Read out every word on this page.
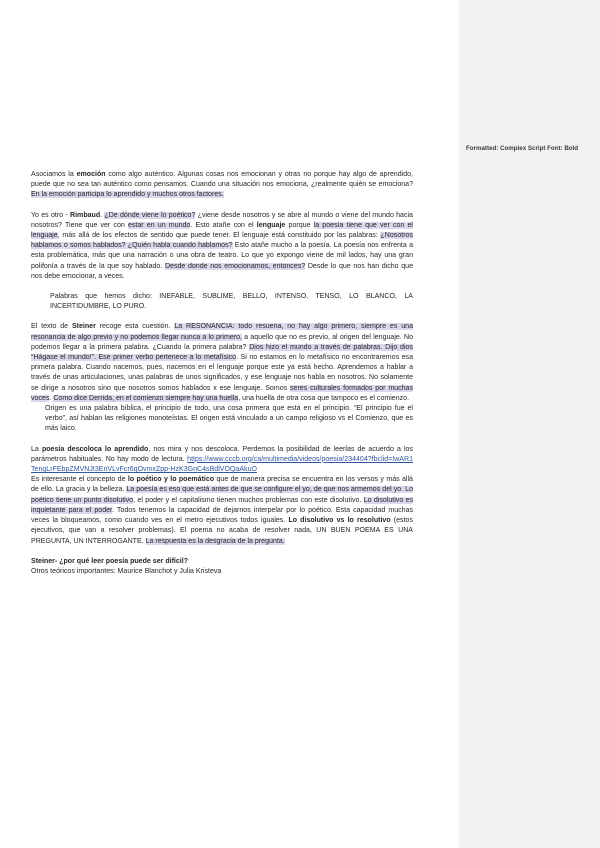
Formatted: Complex Script Font: Bold

Asociamos la emoción como algo auténtico. Algunas cosas nos emocionan y otras no porque hay algo de aprendido, puede que no sea tan auténtico como pensamos. Cuando una situación nos emociona, ¿realmente quién se emociona? En la emoción participa lo aprendido y muchos otros factores.

Yo es otro - Rimbaud. ¿De dónde viene lo poético? ¿viene desde nosotros y se abre al mundo o viene del mundo hacia nosotros? Tiene que ver con estar en un mundo. Esto atañe con el lenguaje porque la poesía tiene que ver con el lenguaje, más allá de los efectos de sentido que puede tener. El lenguaje está constituido por las palabras: ¿Nosotros hablamos o somos hablados? ¿Quién habla cuando hablamos? Esto atañe mucho a la poesía. La poesía nos enfrenta a esta problemática, más que una narración o una obra de teatro. Lo que yo expongo viene de mil lados, hay una gran polifonía a través de la que soy hablado. Desde donde nos emocionamos, entonces? Desde lo que nos han dicho que nos debe emocionar, a veces.

Palabras que hemos dicho: INEFABLE, SUBLIME, BELLO, INTENSO, TENSO, LO BLANCO, LA INCERTIDUMBRE, LO PURO.

El texto de Steiner recoge esta cuestión. La RESONANCIA: todo resuena, no hay algo primero, siempre es una resonancia de algo previo y no podemos llegar nunca a lo primero, a aquello que no es previo, al origen del lenguaje. No podemos llegar a la primera palabra. ¿Cuando la primera palabra? Dios hizo el mundo a través de palabras. Dijo dios “Hágase el mundo!”. Ese primer verbo pertenece a lo metafísico. Si no estamos en lo metafísico no encontraremos esa primera palabra. Cuando nacemos, pues, nacemos en el lenguaje porque este ya está hecho. Aprendemos a hablar a través de unas articulaciones, unas palabras de unos significados, y ese lenguaje nos habla en nosotros. No solamente se dirige a nosotros sino que nosotros somos hablados x ese lenguaje. Somos seres culturales formados por muchas voces. Como dice Derrida, en el comienzo siempre hay una huella, una huella de otra cosa que tampoco es el comienzo.

Origen es una palabra bíblica, el principio de todo, una cosa primera que está en el principio. “El principio fue el verbo”, así hablan las religiones monoteístas. El origen está vinculado a un campo religioso vs el Comienzo, que es más laico.

La poesía descoloca lo aprendido, nos mira y nos descoloca. Perdemos la posibilidad de leerlas de acuerdo a los parámetros habituales. No hay modo de lectura. https://www.cccb.org/ca/multimedia/videos/poesia/234404?fbclid=IwAR1TengLrFEbpZMVNJt3EnVLvFcr6qOvmxZpp-HzK3GnC4sBdlVOQaAkuO

Es interesante el concepto de lo poético y lo poemático que de manera precisa se encuentra en los versos y más allá de ello. La gracia y la belleza. La poesía es eso que está antes de que se configure el yo, de que nos armemos del yo. Lo poético tiene un punto disolutivo, el poder y el capitalismo tienen muchos problemas con este disolutivo. Lo disolutivo es inquietante para el poder. Todos tenemos la capacidad de dejarnos interpelar por lo poético. Esta capacidad muchas veces la bloqueamos, como cuando ves en el metro ejecutivos todos iguales. Lo disolutivo vs lo resolutivo (estos ejecutivos, que van a resolver problemas). El poema no acaba de resolver nada, UN BUEN POEMA ES UNA PREGUNTA, UN INTERROGANTE. La respuesta es la desgracia de la pregunta.

Steiner- ¿por qué leer poesía puede ser difícil?

Otros teóricos importantes: Maurice Blanchot y Julia Kristeva
